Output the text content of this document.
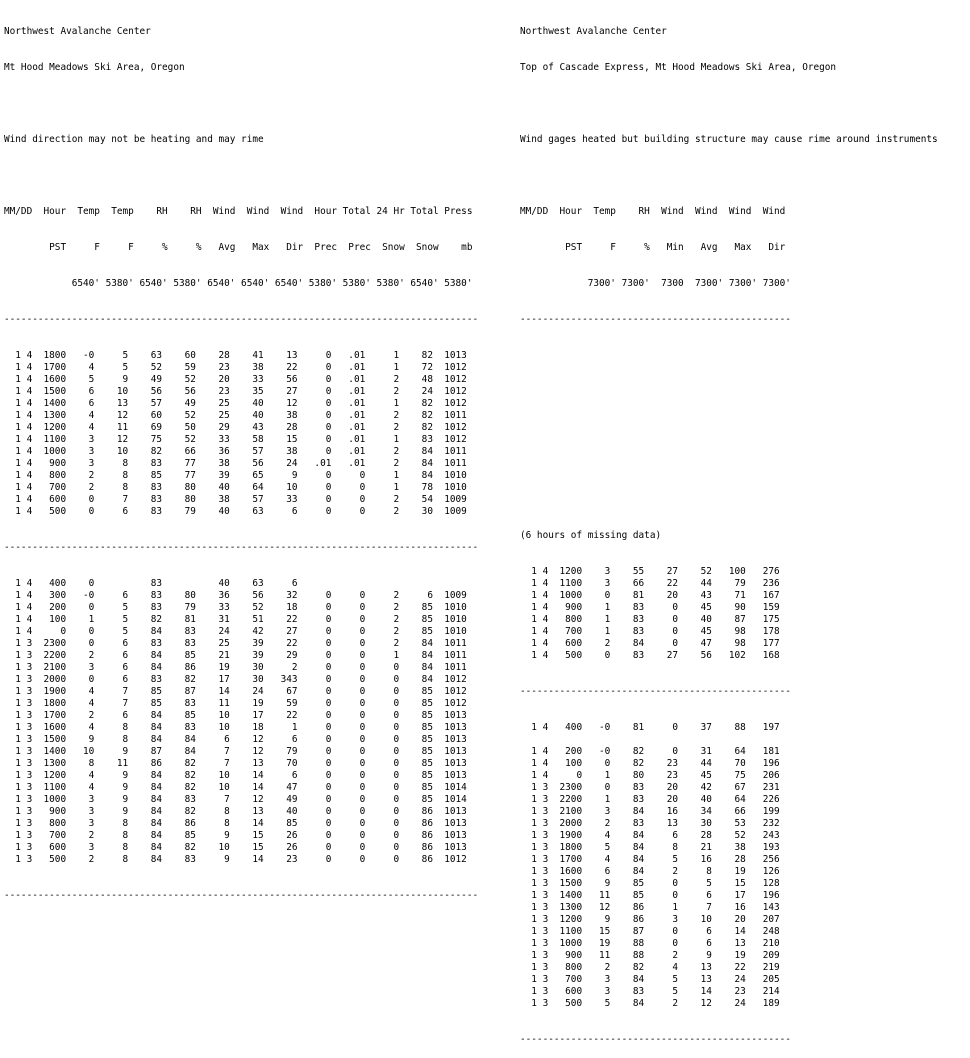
Northwest Avalanche Center

Mt Hood Meadows Ski Area, Oregon

Wind direction may not be heating and may rime

MM/DD  Hour  Temp  Temp    RH    RH  Wind  Wind  Wind  Hour Total 24 Hr Total Press

PST     F     F     %     %   Avg   Max   Dir  Prec  Prec  Snow  Snow    mb

6540' 5380' 6540' 5380' 6540' 6540' 6540' 5380' 5380' 5380' 6540' 5380'

------------------------------------------------------------------------------------

1 4  1800   -0     5    63    60    28    41    13     0   .01     1    82  1013
1 4  1700    4     5    52    59    23    38    22     0   .01     1    72  1012
1 4  1600    5     9    49    52    20    33    56     0   .01     2    48  1012
1 4  1500    6    10    56    56    23    35    27     0   .01     2    24  1012
1 4  1400    6    13    57    49    25    40    12     0   .01     1    82  1012
1 4  1300    4    12    60    52    25    40    38     0   .01     2    82  1011
1 4  1200    4    11    69    50    29    43    28     0   .01     2    82  1012
1 4  1100    3    12    75    52    33    58    15     0   .01     1    83  1012
1 4  1000    3    10    82    66    36    57    38     0   .01     2    84  1011
1 4   900    3     8    83    77    38    56    24   .01   .01     2    84  1011
1 4   800    2     8    85    77    39    65     9     0     0     1    84  1010
1 4   700    2     8    83    80    40    64    10     0     0     1    78  1010
1 4   600    0     7    83    80    38    57    33     0     0     2    54  1009
1 4   500    0     6    83    79    40    63     6     0     0     2    30  1009

------------------------------------------------------------------------------------

1 4   400    0          83          40    63     6
1 4   300   -0     6    83    80    36    56    32     0     0     2     6  1009
1 4   200    0     5    83    79    33    52    18     0     0     2    85  1010
1 4   100    1     5    82    81    31    51    22     0     0     2    85  1010
1 4     0    0     5    84    83    24    42    27     0     0     2    85  1010
1 3  2300    0     6    83    83    25    39    22     0     0     2    84  1011
1 3  2200    2     6    84    85    21    39    29     0     0     1    84  1011
1 3  2100    3     6    84    86    19    30     2     0     0     0    84  1011
1 3  2000    0     6    83    82    17    30   343     0     0     0    84  1012
1 3  1900    4     7    85    87    14    24    67     0     0     0    85  1012
1 3  1800    4     7    85    83    11    19    59     0     0     0    85  1012
1 3  1700    2     6    84    85    10    17    22     0     0     0    85  1013
1 3  1600    4     8    84    83    10    18     1     0     0     0    85  1013
1 3  1500    9     8    84    84     6    12     6     0     0     0    85  1013
1 3  1400   10     9    87    84     7    12    79     0     0     0    85  1013
1 3  1300    8    11    86    82     7    13    70     0     0     0    85  1013
1 3  1200    4     9    84    82    10    14     6     0     0     0    85  1013
1 3  1100    4     9    84    82    10    14    47     0     0     0    85  1014
1 3  1000    3     9    84    83     7    12    49     0     0     0    85  1014
1 3   900    3     9    84    82     8    13    40     0     0     0    86  1013
1 3   800    3     8    84    86     8    14    85     0     0     0    86  1013
1 3   700    2     8    84    85     9    15    26     0     0     0    86  1013
1 3   600    3     8    84    82    10    15    26     0     0     0    86  1013
1 3   500    2     8    84    83     9    14    23     0     0     0    86  1012

------------------------------------------------------------------------------------

Northwest Avalanche Center

Top of Cascade Express, Mt Hood Meadows Ski Area, Oregon

Wind gages heated but building structure may cause rime around instruments

MM/DD  Hour  Temp    RH  Wind  Wind  Wind  Wind

PST     F     %   Min   Avg   Max   Dir

7300' 7300'  7300  7300' 7300' 7300'

------------------------------------------------

(6 hours of missing data)

1 4  1200    3    55    27    52   100   276
1 4  1100    3    66    22    44    79   236
1 4  1000    0    81    20    43    71   167
1 4   900    1    83     0    45    90   159
1 4   800    1    83     0    40    87   175
1 4   700    1    83     0    45    98   178
1 4   600    2    84     0    47    98   177
1 4   500    0    83    27    56   102   168

------------------------------------------------

1 4   400   -0    81     0    37    88   197
1 4   200   -0    82     0    31    64   181
1 4   100    0    82    23    44    70   196
1 4     0    1    80    23    45    75   206
1 3  2300    0    83    20    42    67   231
1 3  2200    1    83    20    40    64   226
1 3  2100    3    84    16    34    66   199
1 3  2000    2    83    13    30    53   232
1 3  1900    4    84     6    28    52   243
1 3  1800    5    84     8    21    38   193
1 3  1700    4    84     5    16    28   256
1 3  1600    6    84     2     8    19   126
1 3  1500    9    85     0     5    15   128
1 3  1400   11    85     0     6    17   196
1 3  1300   12    86     1     7    16   143
1 3  1200    9    86     3    10    20   207
1 3  1100   15    87     0     6    14   248
1 3  1000   19    88     0     6    13   210
1 3   900   11    88     2     9    19   209
1 3   800    2    82     4    13    22   219
1 3   700    3    84     5    13    24   205
1 3   600    3    83     5    14    23   214
1 3   500    5    84     2    12    24   189

------------------------------------------------
